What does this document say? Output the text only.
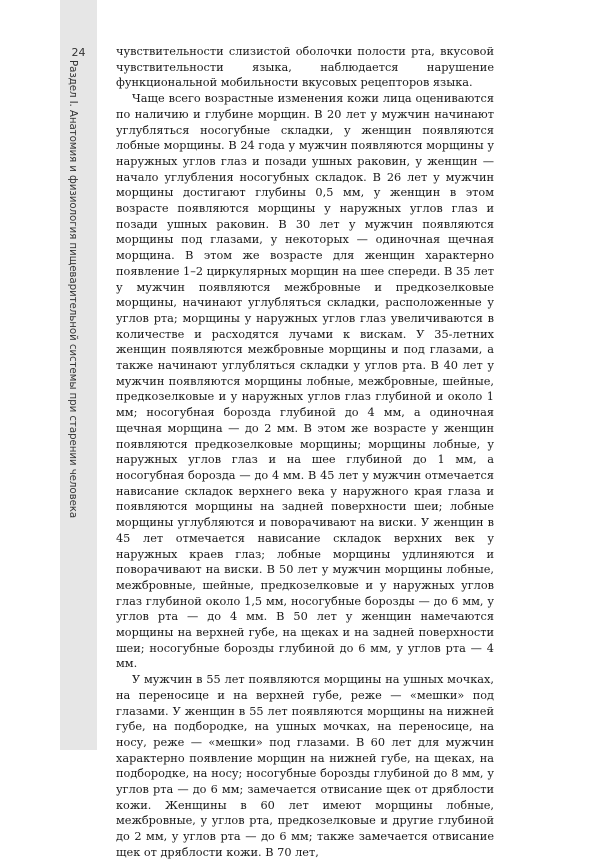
24
Раздел I. Анатомия и физиология пищеварительной системы при старении человека

чувствительности слизистой оболочки полости рта, вкусовой чувствительности языка, наблюдается нарушение функциональной мобильности вкусовых рецепторов языка.

Чаще всего возрастные изменения кожи лица оцениваются по наличию и глубине морщин. В 20 лет у мужчин начинают углубляться носогубные складки, у женщин появляются лобные морщины. В 24 года у мужчин появляются морщины у наружных углов глаз и позади ушных раковин, у женщин — начало углубления носогубных складок. В 26 лет у мужчин морщины достигают глубины 0,5 мм, у женщин в этом возрасте появляются морщины у наружных углов глаз и позади ушных раковин. В 30 лет у мужчин появляются морщины под глазами, у некоторых — одиночная щечная морщина. В этом же возрасте для женщин характерно появление 1–2 циркулярных морщин на шее спереди. В 35 лет у мужчин появляются межбровные и предкозелковые морщины, начинают углубляться складки, расположенные у углов рта; морщины у наружных углов глаз увеличиваются в количестве и расходятся лучами к вискам. У 35-летних женщин появляются межбровные морщины и под глазами, а также начинают углубляться складки у углов рта. В 40 лет у мужчин появляются морщины лобные, межбровные, шейные, предкозелковые и у наружных углов глаз глубиной и около 1 мм; носогубная борозда глубиной до 4 мм, а одиночная щечная морщина — до 2 мм. В этом же возрасте у женщин появляются предкозелковые морщины; морщины лобные, у наружных углов глаз и на шее глубиной до 1 мм, а носогубная борозда — до 4 мм. В 45 лет у мужчин отмечается нависание складок верхнего века у наружного края глаза и появляются морщины на задней поверхности шеи; лобные морщины углубляются и поворачивают на виски. У женщин в 45 лет отмечается нависание складок верхних век у наружных краев глаз; лобные морщины удлиняются и поворачивают на виски. В 50 лет у мужчин морщины лобные, межбровные, шейные, предкозелковые и у наружных углов глаз глубиной около 1,5 мм, носогубные борозды — до 6 мм, у углов рта — до 4 мм. В 50 лет у женщин намечаются морщины на верхней губе, на щеках и на задней поверхности шеи; носогубные борозды глубиной до 6 мм, у углов рта — 4 мм.

У мужчин в 55 лет появляются морщины на ушных мочках, на переносице и на верхней губе, реже — «мешки» под глазами. У женщин в 55 лет появляются морщины на нижней губе, на подбородке, на ушных мочках, на переносице, на носу, реже — «мешки» под глазами. В 60 лет для мужчин характерно появление морщин на нижней губе, на щеках, на подбородке, на носу; носогубные борозды глубиной до 8 мм, у углов рта — до 6 мм; замечается отвисание щек от дряблости кожи. Женщины в 60 лет имеют морщины лобные, межбровные, у углов рта, предкозелковые и другие глубиной до 2 мм, у углов рта — до 6 мм; также замечается отвисание щек от дряблости кожи. В 70 лет,
